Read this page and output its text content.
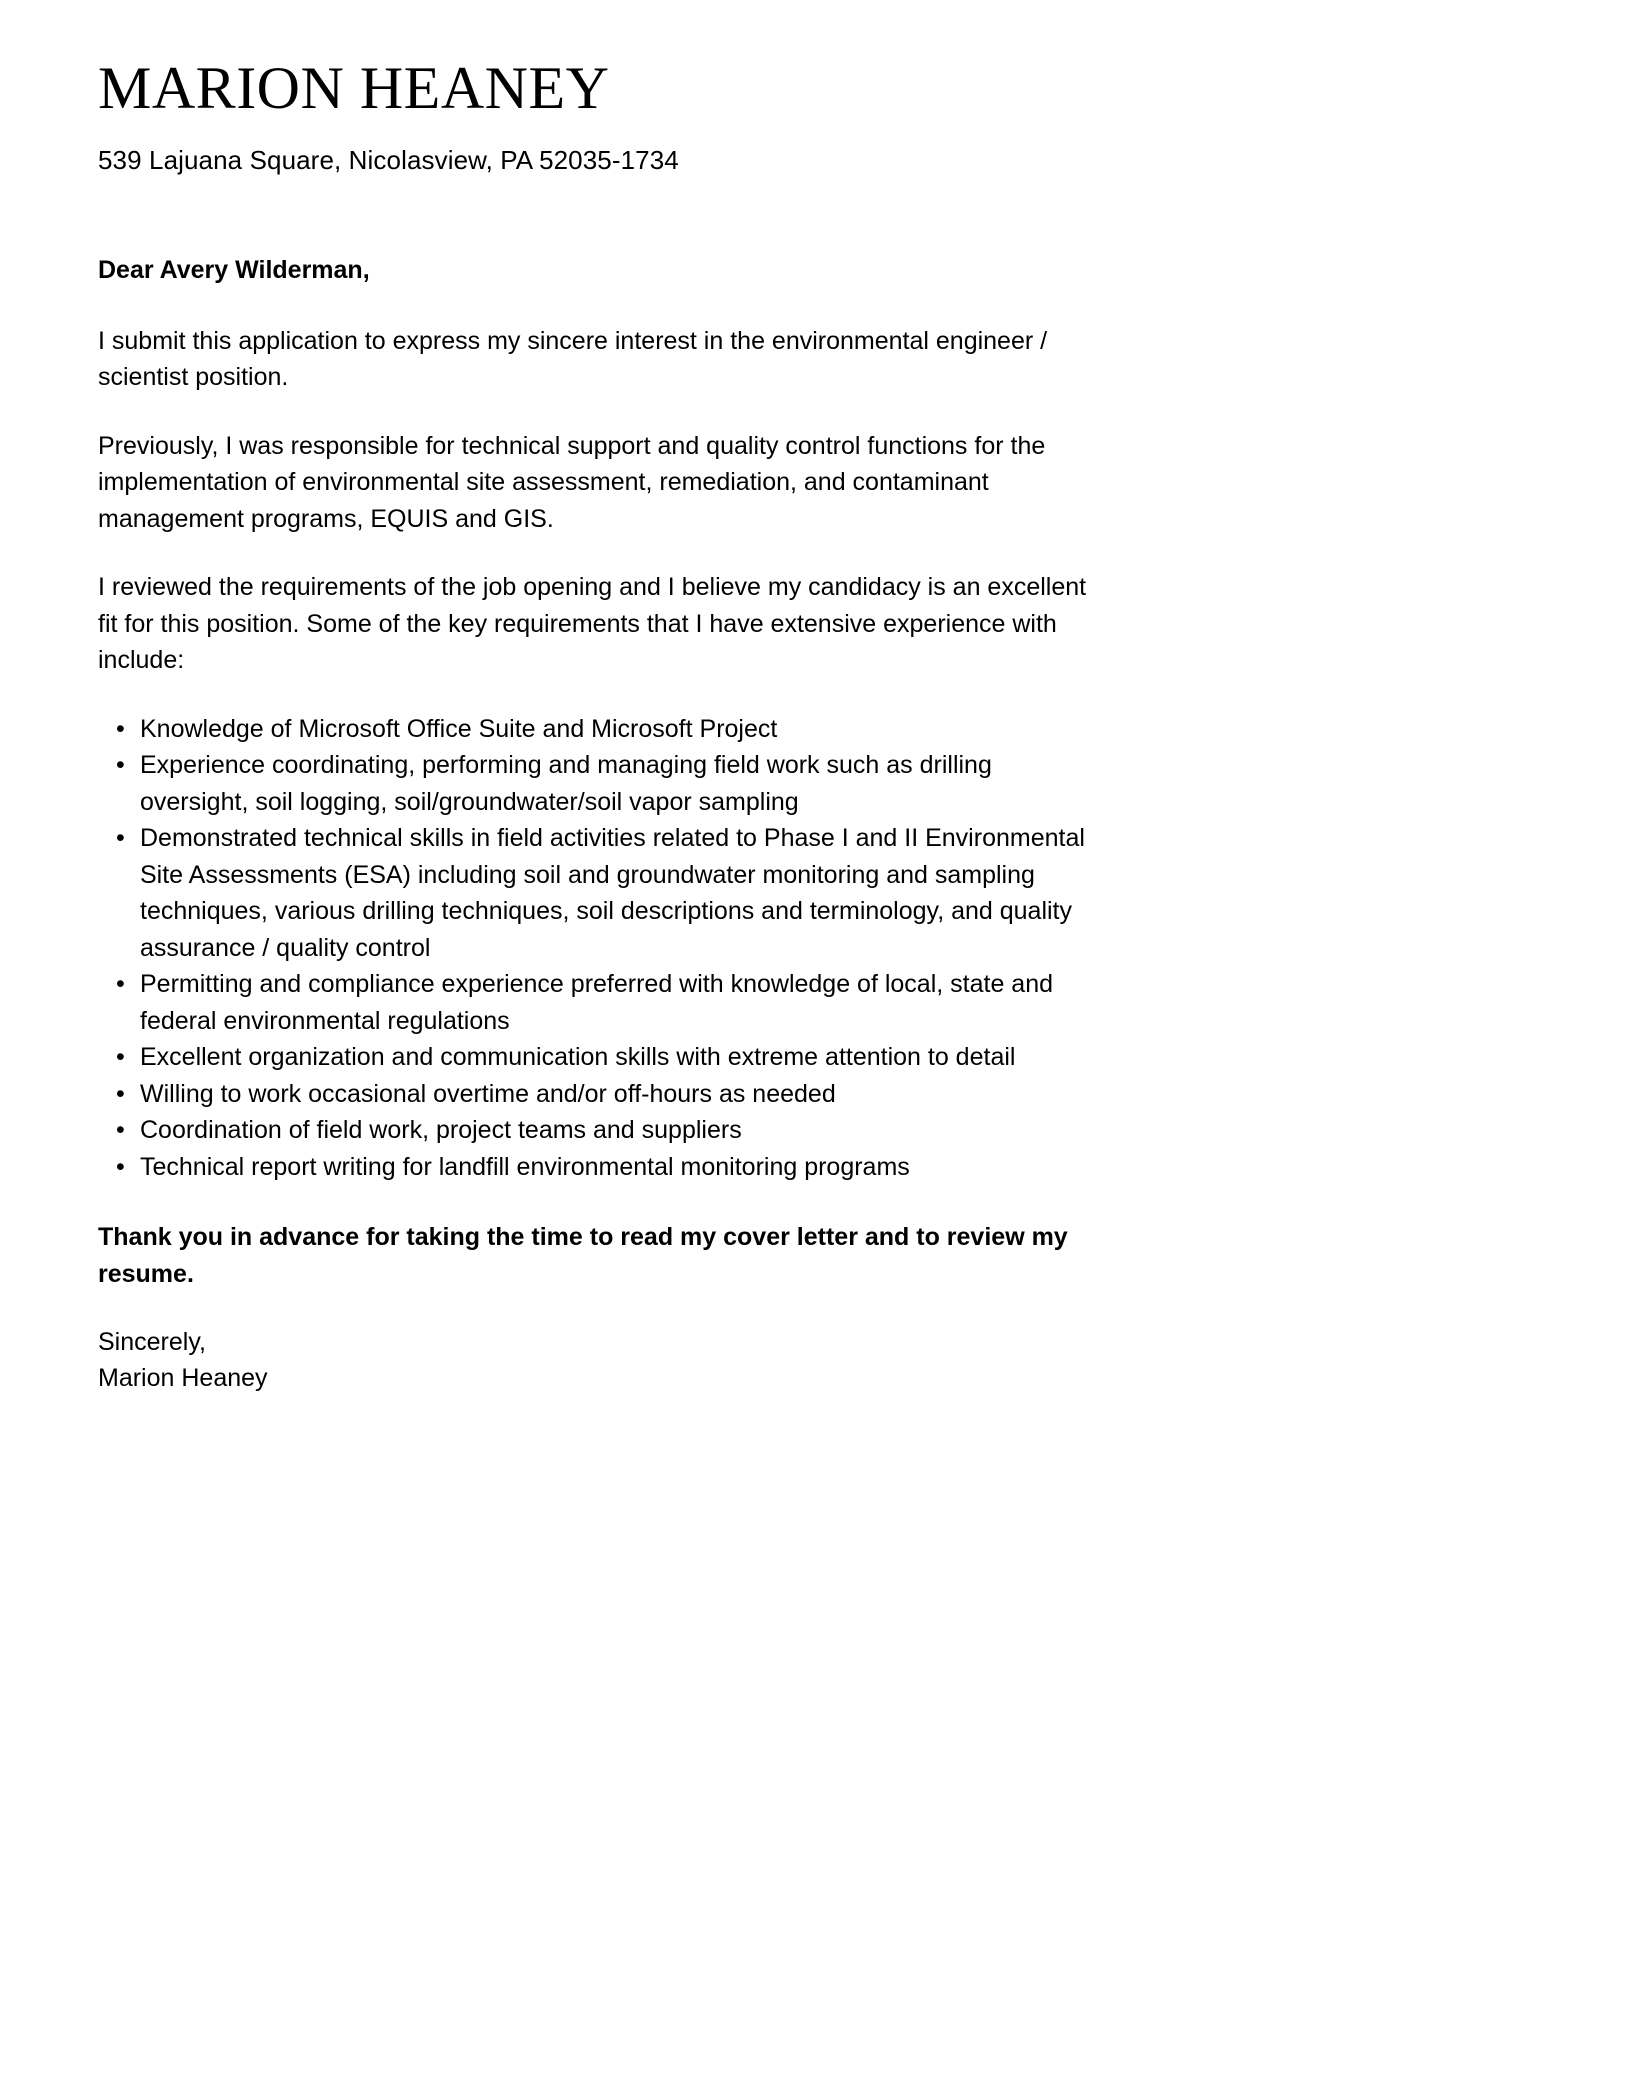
MARION HEANEY
539 Lajuana Square, Nicolasview, PA 52035-1734

Dear Avery Wilderman,

I submit this application to express my sincere interest in the environmental engineer / scientist position.

Previously, I was responsible for technical support and quality control functions for the implementation of environmental site assessment, remediation, and contaminant management programs, EQUIS and GIS.

I reviewed the requirements of the job opening and I believe my candidacy is an excellent fit for this position. Some of the key requirements that I have extensive experience with include:

• Knowledge of Microsoft Office Suite and Microsoft Project
• Experience coordinating, performing and managing field work such as drilling oversight, soil logging, soil/groundwater/soil vapor sampling
• Demonstrated technical skills in field activities related to Phase I and II Environmental Site Assessments (ESA) including soil and groundwater monitoring and sampling techniques, various drilling techniques, soil descriptions and terminology, and quality assurance / quality control
• Permitting and compliance experience preferred with knowledge of local, state and federal environmental regulations
• Excellent organization and communication skills with extreme attention to detail
• Willing to work occasional overtime and/or off-hours as needed
• Coordination of field work, project teams and suppliers
• Technical report writing for landfill environmental monitoring programs

Thank you in advance for taking the time to read my cover letter and to review my resume.

Sincerely,
Marion Heaney
